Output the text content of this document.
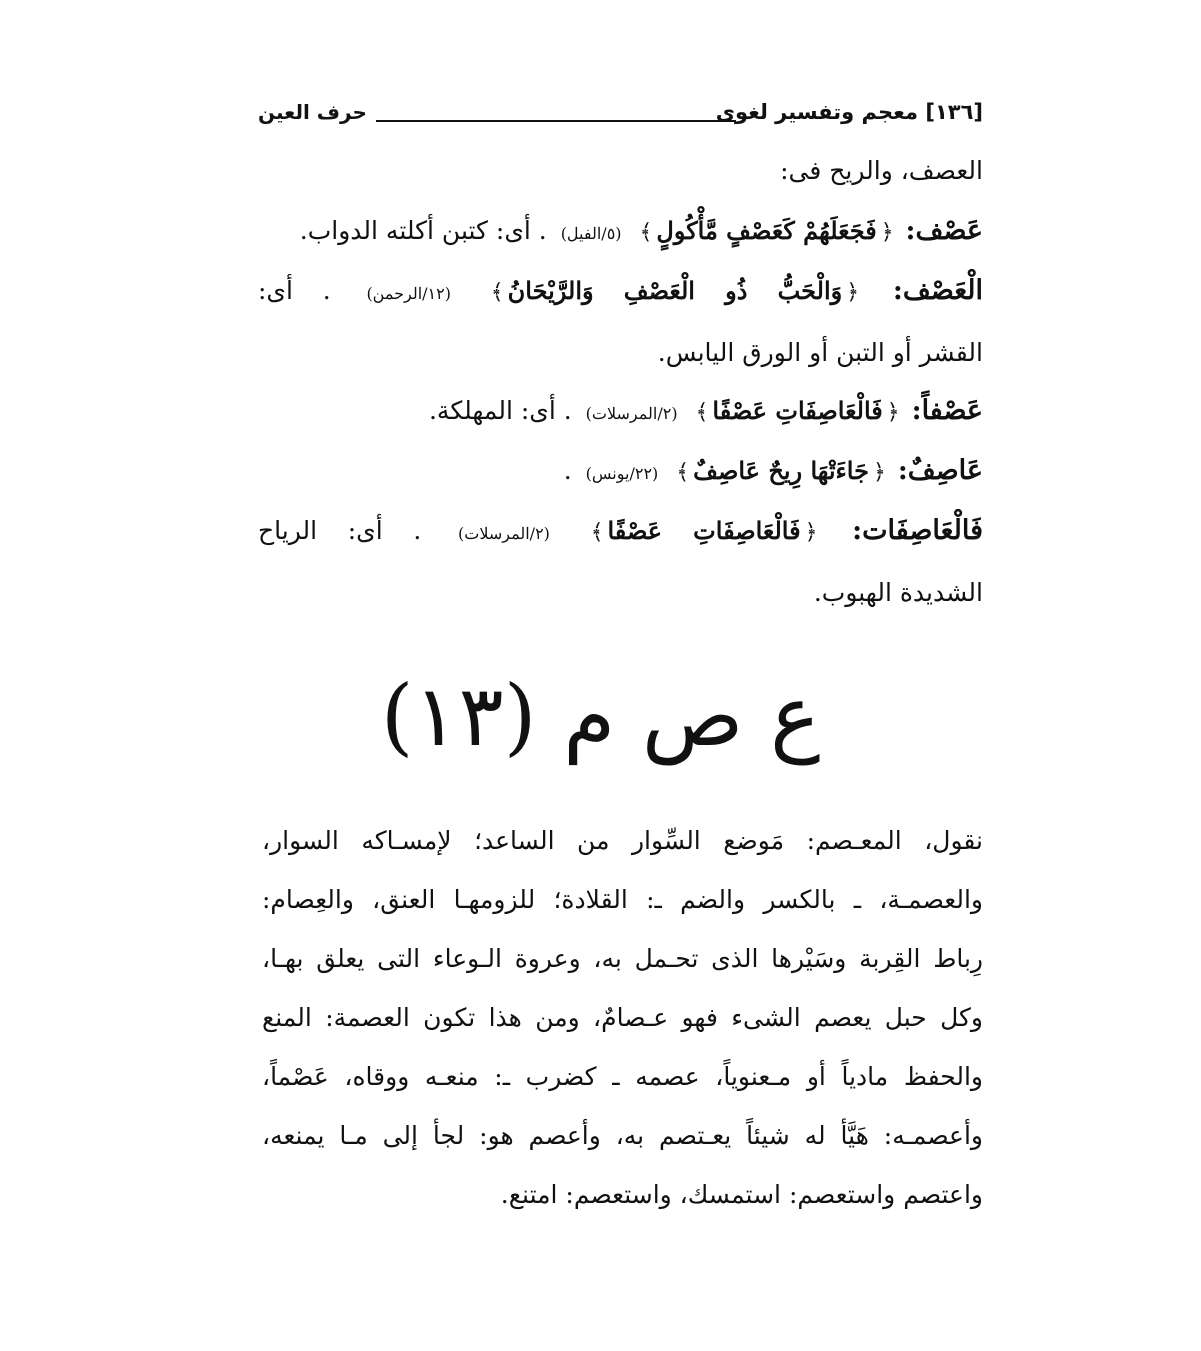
[١٣٦] معجم وتفسير لغوى
حرف العين
العصف، والريح فى:
عَصْف: ﴿فَجَعَلَهُمْ كَعَصْفٍ مَّأْكُولٍ﴾ (٥/الفيل) . أى: كتبن أكلته الدواب.
الْعَصْف: ﴿وَالْحَبُّ ذُو الْعَصْفِ وَالرَّيْحَانُ﴾ (١٢/الرحمن) . أى:
القشر أو التبن أو الورق اليابس.
عَصْفاً: ﴿فَالْعَاصِفَاتِ عَصْفًا﴾ (٢/المرسلات) . أى: المهلكة.
عَاصِفٌ: ﴿جَاءَتْهَا رِيحٌ عَاصِفٌ﴾ (٢٢/يونس) .
فَالْعَاصِفَات: ﴿فَالْعَاصِفَاتِ عَصْفًا﴾ (٢/المرسلات) . أى: الرياح
الشديدة الهبوب.
ع ص م (١٣)
نقول، المعـصم: مَوضع السِّوار من الساعد؛ لإمسـاكه السوار،
والعصمـة، ـ بالكسر والضم ـ: القلادة؛ للزومهـا العنق، والعِصام:
رِباط القِربة وسَيْرها الذى تحـمل به، وعروة الـوعاء التى يعلق بهـا،
وكل حبل يعصم الشىء فهو عـصامٌ، ومن هذا تكون العصمة: المنع
والحفظ مادياً أو مـعنوياً، عصمه ـ كضرب ـ: منعـه ووقاه، عَصْماً،
وأعصمـه: هَيَّأ له شيئاً يعـتصم به، وأعصم هو: لجأ إلى مـا يمنعه،
واعتصم واستعصم: استمسك، واستعصم: امتنع.
